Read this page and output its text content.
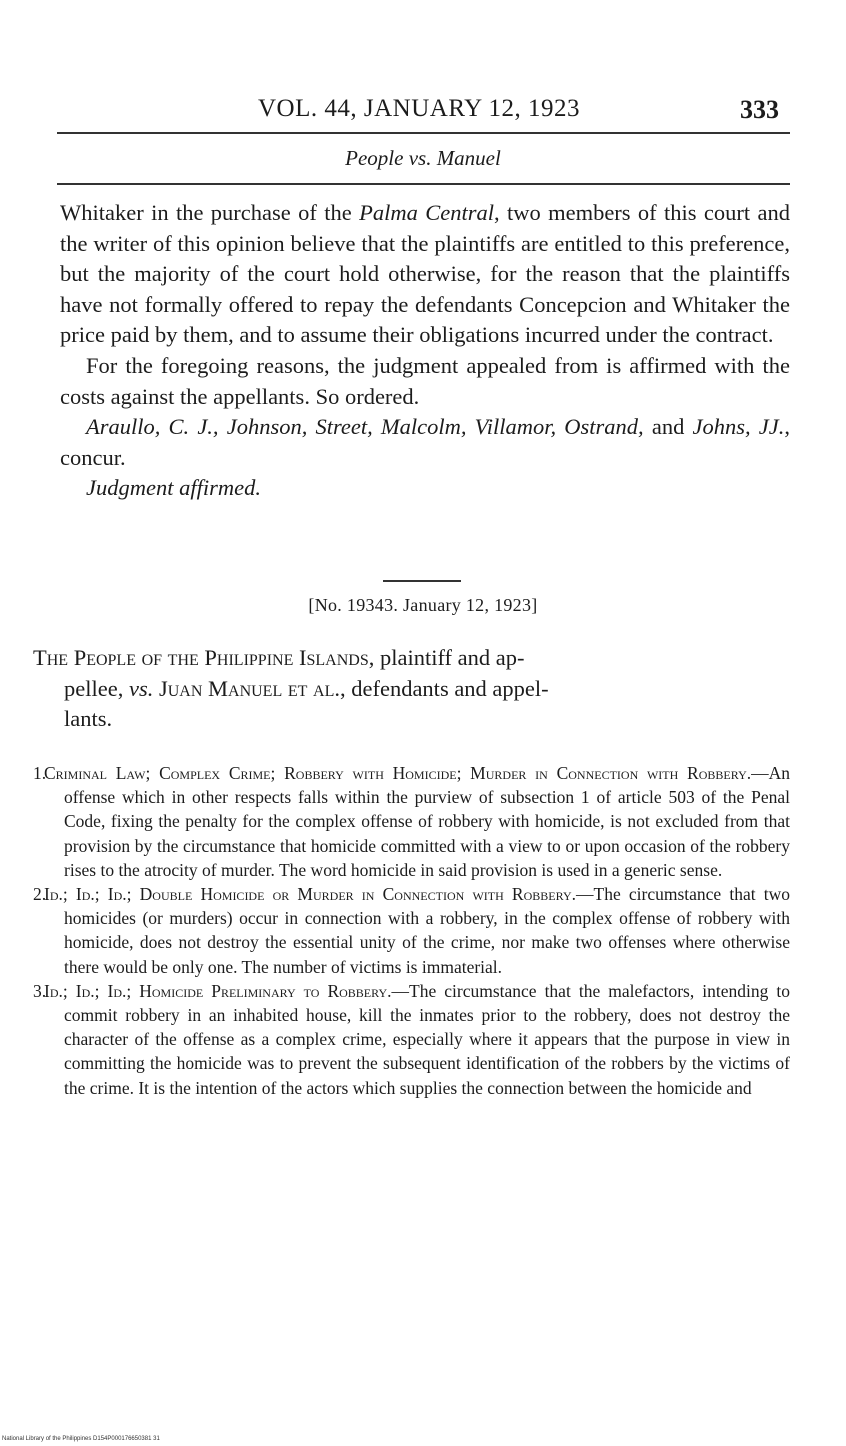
VOL. 44, JANUARY 12, 1923	333
People vs. Manuel

Whitaker in the purchase of the Palma Central, two members of this court and the writer of this opinion believe that the plaintiffs are entitled to this preference, but the majority of the court hold otherwise, for the reason that the plaintiffs have not formally offered to repay the defendants Concepcion and Whitaker the price paid by them, and to assume their obligations incurred under the contract.

For the foregoing reasons, the judgment appealed from is affirmed with the costs against the appellants. So ordered.

Araullo, C. J., Johnson, Street, Malcolm, Villamor, Ostrand, and Johns, JJ., concur.

Judgment affirmed.

[No. 19343. January 12, 1923]
The People of the Philippine Islands, plaintiff and ap-
pellee, vs. Juan Manuel et al., defendants and appel-
lants.
1.
Criminal Law; Complex Crime; Robbery with Homicide; Murder in Connection with Robbery.—An offense which in other respects falls within the purview of subsection 1 of article 503 of the Penal Code, fixing the penalty for the complex offense of robbery with homicide, is not excluded from that provision by the circumstance that homicide committed with a view to or upon occasion of the robbery rises to the atrocity of murder. The word homicide in said provision is used in a generic sense.
2.
Id.; Id.; Id.; Double Homicide or Murder in Connection with Robbery.—The circumstance that two homicides (or murders) occur in connection with a robbery, in the complex offense of robbery with homicide, does not destroy the essential unity of the crime, nor make two offenses where otherwise there would be only one. The number of victims is immaterial.
3.
Id.; Id.; Id.; Homicide Preliminary to Robbery.—The circumstance that the malefactors, intending to commit robbery in an inhabited house, kill the inmates prior to the robbery, does not destroy the character of the offense as a complex crime, especially where it appears that the purpose in view in committing the homicide was to prevent the subsequent identification of the robbers by the victims of the crime. It is the intention of the actors which supplies the connection between the homicide and
National Library of the Philippines D154P000176650381 31
